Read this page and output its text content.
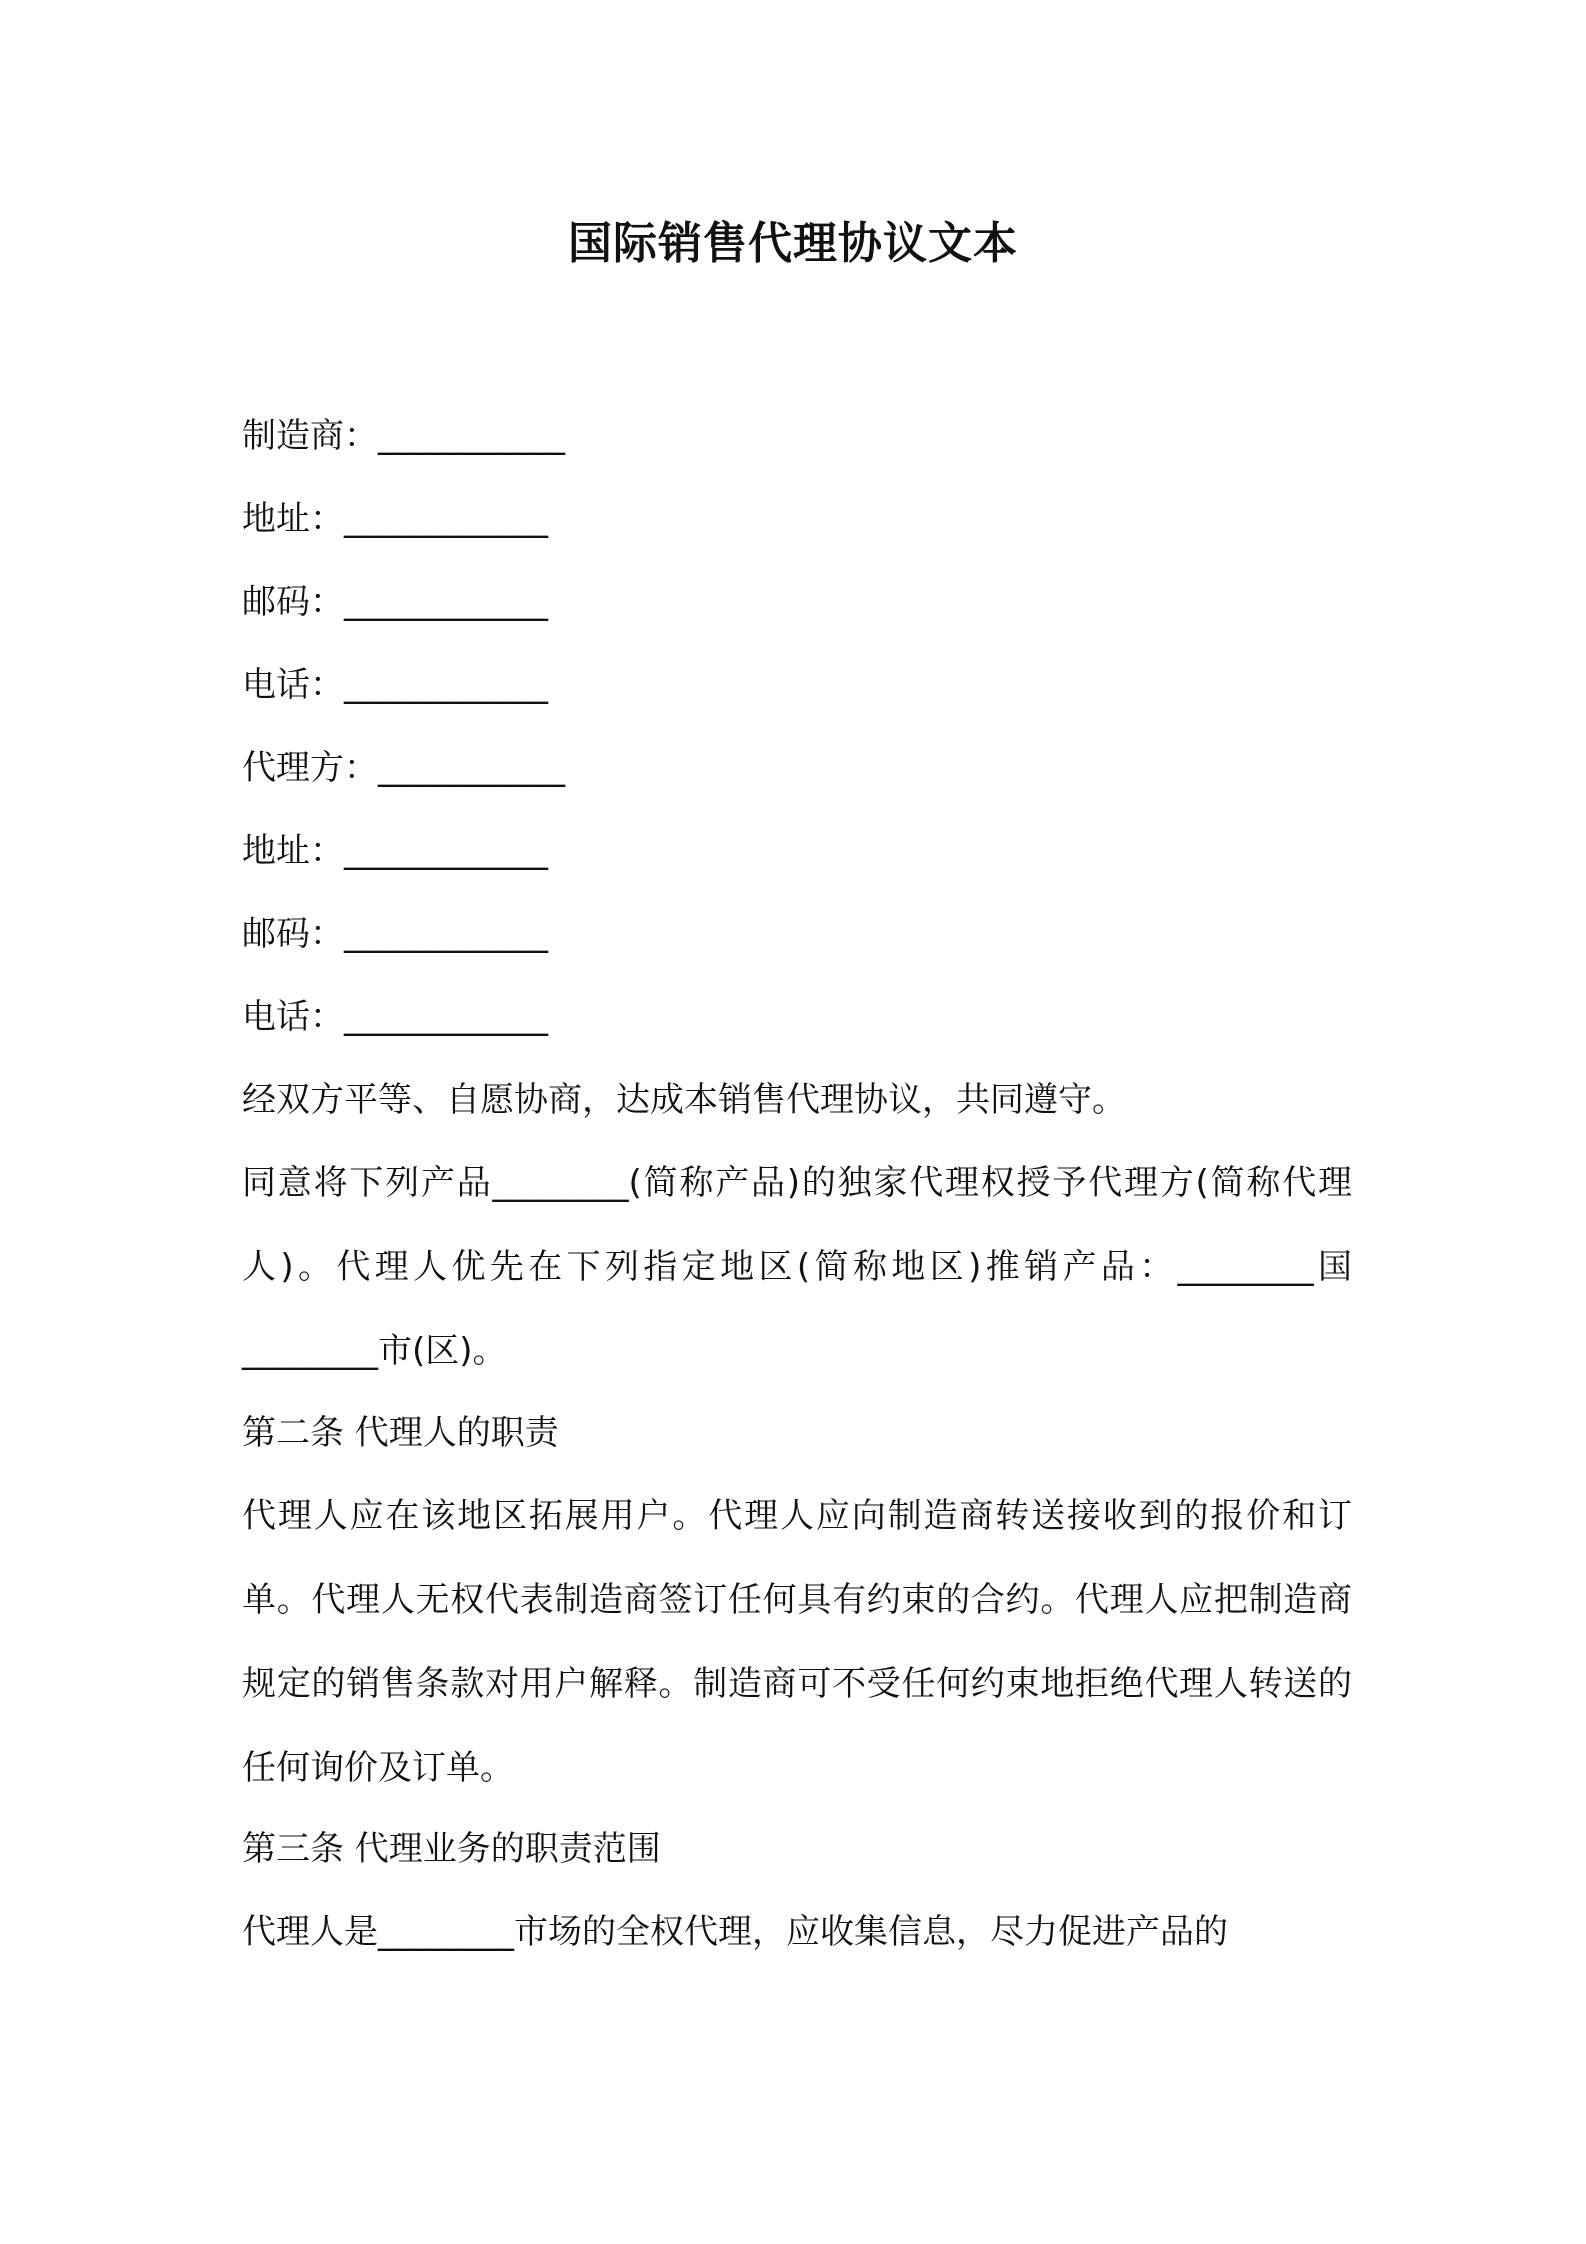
国际销售代理协议文本
制造商：___________
地址：____________
邮码：____________
电话：____________
代理方：___________
地址：____________
邮码：____________
电话：____________
经双方平等、自愿协商，达成本销售代理协议，共同遵守。

同意将下列产品________(简称产品)的独家代理权授予代理方(简称代理人)。代理人优先在下列指定地区(简称地区)推销产品：________国________市(区)。

第二条 代理人的职责

代理人应在该地区拓展用户。代理人应向制造商转送接收到的报价和订单。代理人无权代表制造商签订任何具有约束的合约。代理人应把制造商规定的销售条款对用户解释。制造商可不受任何约束地拒绝代理人转送的任何询价及订单。

第三条 代理业务的职责范围

代理人是________市场的全权代理，应收集信息，尽力促进产品的
